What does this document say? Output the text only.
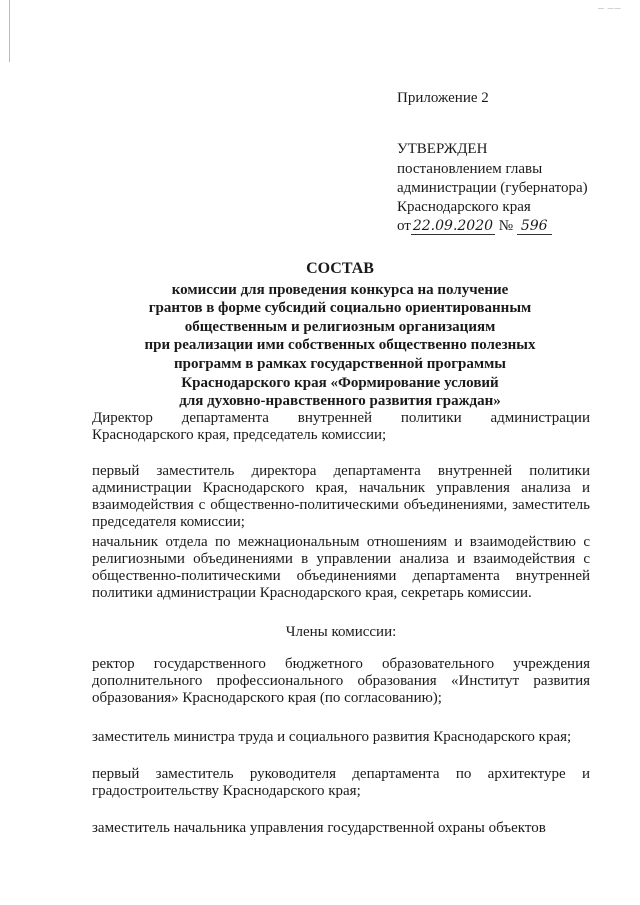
— ——
Приложение 2
УТВЕРЖДЕН
постановлением главы
администрации (губернатора)
Краснодарского края
от 22.09.2020 № 596
СОСТАВ
комиссии для проведения конкурса на получение
грантов в форме субсидий социально ориентированным
общественным и религиозным организациям
при реализации ими собственных общественно полезных
программ в рамках государственной программы
Краснодарского края «Формирование условий
для духовно-нравственного развития граждан»
Директор департамента внутренней политики администрации Краснодарского края, председатель комиссии;
первый заместитель директора департамента внутренней политики администрации Краснодарского края, начальник управления анализа и взаимодействия с общественно-политическими объединениями, заместитель председателя комиссии;
начальник отдела по межнациональным отношениям и взаимодействию с религиозными объединениями в управлении анализа и взаимодействия с общественно-политическими объединениями департамента внутренней политики администрации Краснодарского края, секретарь комиссии.
Члены комиссии:
ректор государственного бюджетного образовательного учреждения дополнительного профессионального образования «Институт развития образования» Краснодарского края (по согласованию);
заместитель министра труда и социального развития Краснодарского края;
первый заместитель руководителя департамента по архитектуре и градостроительству Краснодарского края;
заместитель начальника управления государственной охраны объектов
